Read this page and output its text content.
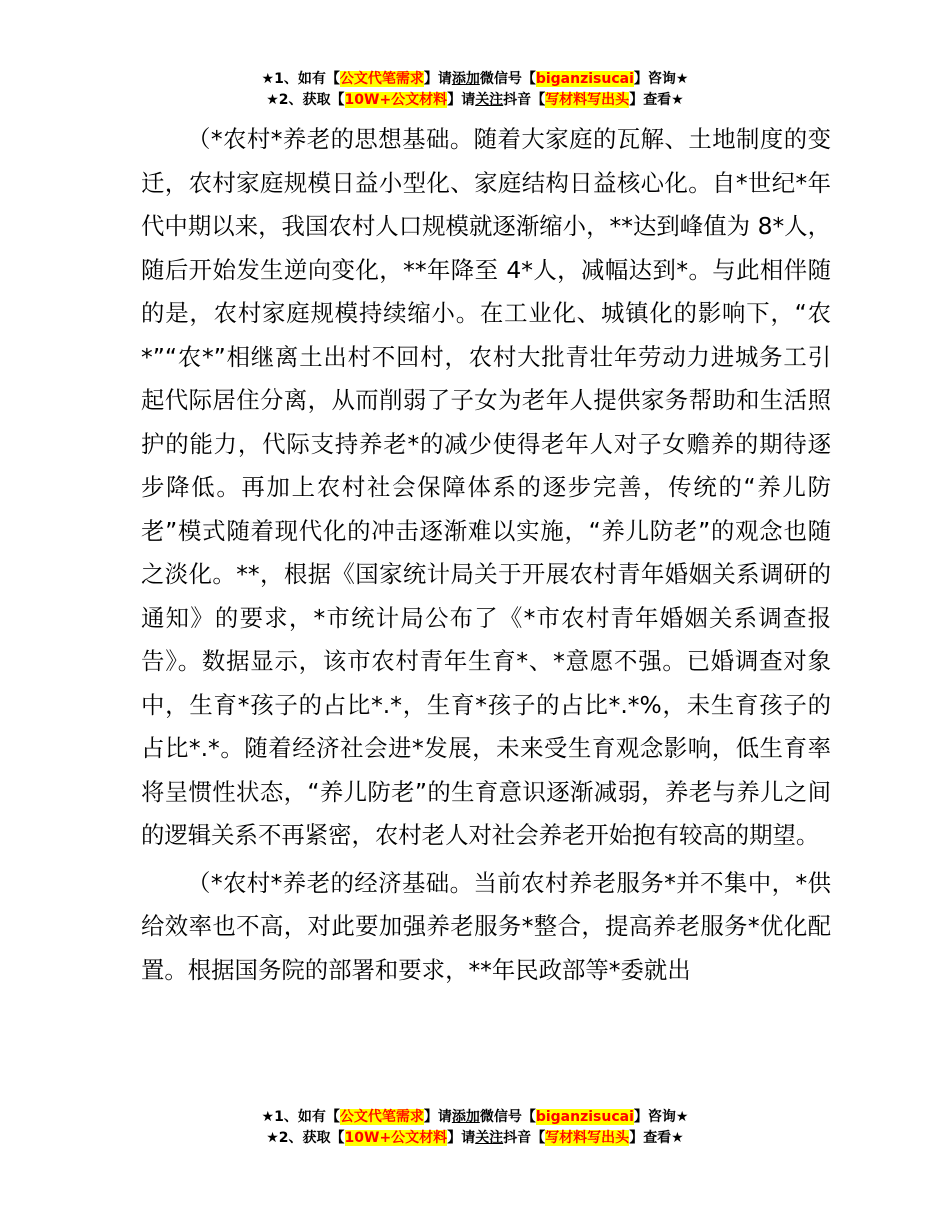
★1、如有【公文代笔需求】请添加微信号【biganzisucai】咨询★
★2、获取【10W+公文材料】请关注抖音【写材料写出头】查看★

（*农村*养老的思想基础。随着大家庭的瓦解、土地制度的变迁，农村家庭规模日益小型化、家庭结构日益核心化。自*世纪*年代中期以来，我国农村人口规模就逐渐缩小，**达到峰值为 8*人，随后开始发生逆向变化，**年降至 4*人，减幅达到*。与此相伴随的是，农村家庭规模持续缩小。在工业化、城镇化的影响下，“农*”“农*”相继离土出村不回村，农村大批青壮年劳动力进城务工引起代际居住分离，从而削弱了子女为老年人提供家务帮助和生活照护的能力，代际支持养老*的减少使得老年人对子女赡养的期待逐步降低。再加上农村社会保障体系的逐步完善，传统的“养儿防老”模式随着现代化的冲击逐渐难以实施，“养儿防老”的观念也随之淡化。**，根据《国家统计局关于开展农村青年婚姻关系调研的通知》的要求，*市统计局公布了《*市农村青年婚姻关系调查报告》。数据显示，该市农村青年生育*、*意愿不强。已婚调查对象中，生育*孩子的占比*.*，生育*孩子的占比*.*%，未生育孩子的占比*.*。随着经济社会进*发展，未来受生育观念影响，低生育率将呈惯性状态，“养儿防老”的生育意识逐渐减弱，养老与养儿之间的逻辑关系不再紧密，农村老人对社会养老开始抱有较高的期望。

（*农村*养老的经济基础。当前农村养老服务*并不集中，*供给效率也不高，对此要加强养老服务*整合，提高养老服务*优化配置。根据国务院的部署和要求，**年民政部等*委就出

★1、如有【公文代笔需求】请添加微信号【biganzisucai】咨询★
★2、获取【10W+公文材料】请关注抖音【写材料写出头】查看★
